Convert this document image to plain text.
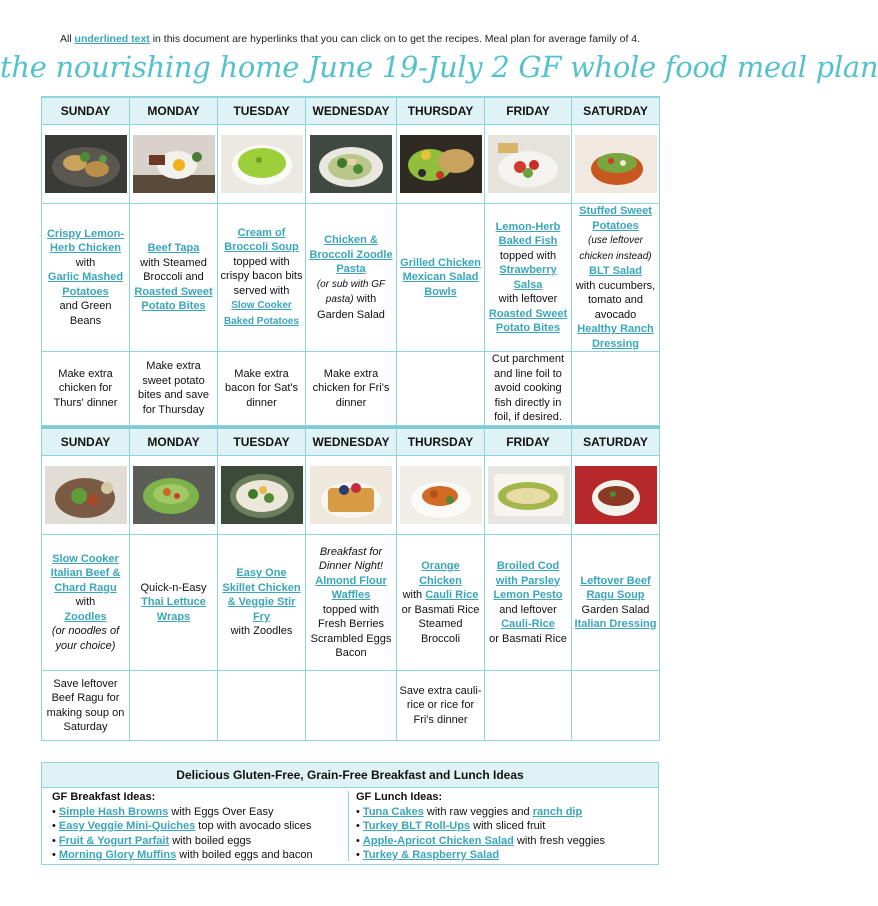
All underlined text in this document are hyperlinks that you can click on to get the recipes. Meal plan for average family of 4.
the nourishing home June 19-July 2 GF whole food meal plan
SUNDAY	MONDAY	TUESDAY	WEDNESDAY	THURSDAY	FRIDAY	SATURDAY

Crispy Lemon-Herb Chicken
with
Garlic Mashed Potatoes
and Green Beans	Beef Tapa
with Steamed Broccoli and
Roasted Sweet Potato Bites	Cream of Broccoli Soup
topped with crispy bacon bits served with
Slow Cooker Baked Potatoes	Chicken & Broccoli Zoodle Pasta
(or sub with GF pasta) with Garden Salad	Grilled Chicken Mexican Salad Bowls	Lemon-Herb Baked Fish
topped with Strawberry Salsa
with leftover Roasted Sweet Potato Bites	Stuffed Sweet Potatoes
(use leftover chicken instead)
BLT Salad
with cucumbers, tomato and avocado Healthy Ranch Dressing
Make extra chicken for Thurs' dinner	Make extra sweet potato bites and save for Thursday	Make extra bacon for Sat's dinner	Make extra chicken for Fri's dinner		Cut parchment and line foil to avoid cooking fish directly in foil, if desired.	
SUNDAY	MONDAY	TUESDAY	WEDNESDAY	THURSDAY	FRIDAY	SATURDAY

Slow Cooker Italian Beef & Chard Ragu
with
Zoodles
(or noodles of your choice)	Quick-n-Easy
Thai Lettuce Wraps	Easy One Skillet Chicken & Veggie Stir Fry
with Zoodles	Breakfast for Dinner Night!
Almond Flour Waffles
topped with Fresh Berries Scrambled Eggs Bacon	Orange Chicken
with Cauli Rice
or Basmati Rice Steamed Broccoli	Broiled Cod with Parsley Lemon Pesto
and leftover
Cauli-Rice
or Basmati Rice	Leftover Beef Ragu Soup
Garden Salad
Italian Dressing
Save leftover Beef Ragu for making soup on Saturday				Save extra cauli-rice or rice for Fri's dinner		
Delicious Gluten-Free, Grain-Free Breakfast and Lunch Ideas
GF Breakfast Ideas:
• Simple Hash Browns with Eggs Over Easy
• Easy Veggie Mini-Quiches top with avocado slices
• Fruit & Yogurt Parfait with boiled eggs
• Morning Glory Muffins with boiled eggs and bacon
GF Lunch Ideas:
• Tuna Cakes with raw veggies and ranch dip
• Turkey BLT Roll-Ups with sliced fruit
• Apple-Apricot Chicken Salad with fresh veggies
• Turkey & Raspberry Salad
